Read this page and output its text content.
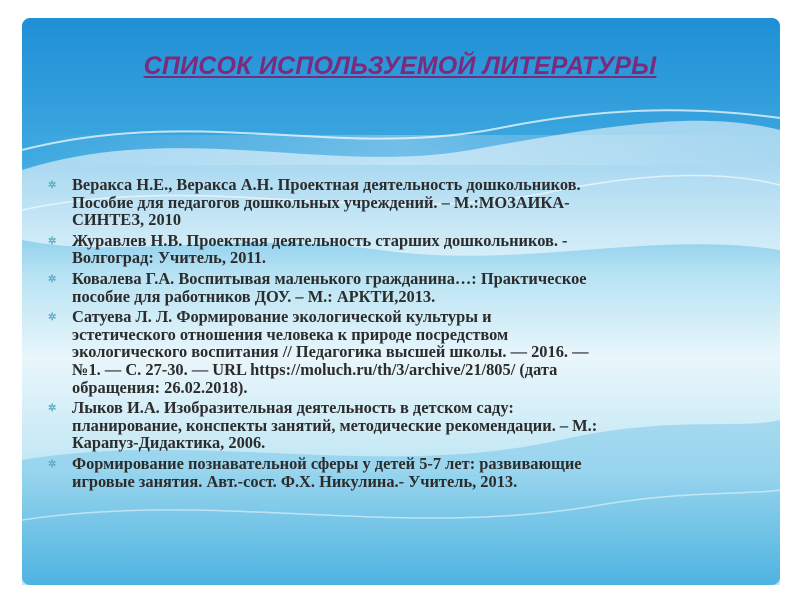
СПИСОК ИСПОЛЬЗУЕМОЙ ЛИТЕРАТУРЫ
✲ Веракса Н.Е., Веракса А.Н. Проектная деятельность дошкольников.
Пособие для педагогов дошкольных учреждений. – М.:МОЗАИКА-
СИНТЕЗ, 2010
✲ Журавлев Н.В. Проектная деятельность старших дошкольников. -
Волгоград: Учитель, 2011.
✲ Ковалева Г.А. Воспитывая маленького гражданина…: Практическое
пособие для работников ДОУ. – М.: АРКТИ,2013.
✲ Сатуева Л. Л. Формирование экологической культуры и
эстетического отношения человека к природе посредством
экологического воспитания // Педагогика высшей школы. — 2016. —
№1. — С. 27-30. — URL https://moluch.ru/th/3/archive/21/805/ (дата
обращения: 26.02.2018).
✲ Лыков И.А. Изобразительная деятельность в детском саду:
планирование, конспекты занятий, методические рекомендации. – М.:
Карапуз-Дидактика, 2006.
✲ Формирование познавательной сферы у детей 5-7 лет: развивающие
игровые занятия. Авт.-сост. Ф.Х. Никулина.- Учитель, 2013.
